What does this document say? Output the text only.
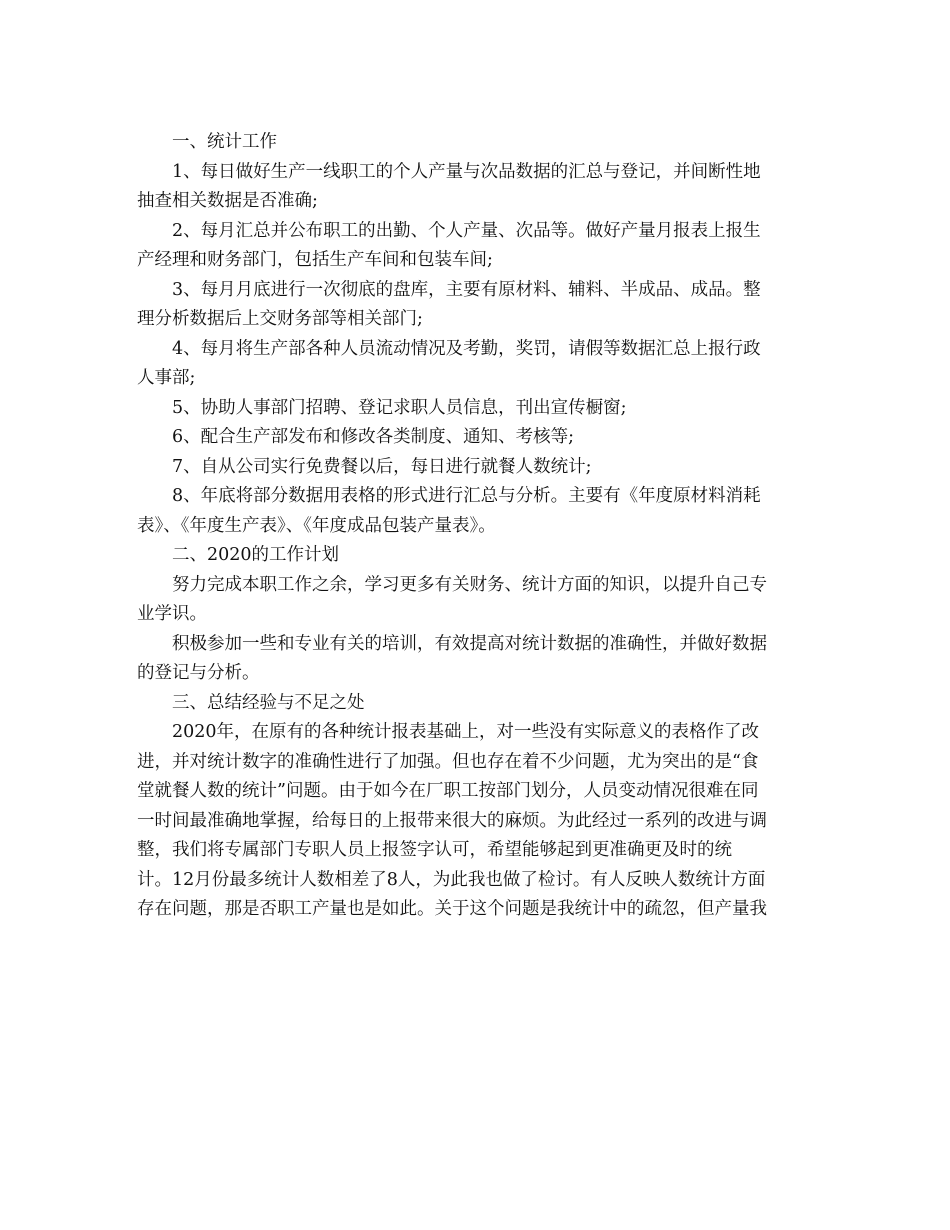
一、统计工作
1、每日做好生产一线职工的个人产量与次品数据的汇总与登记，并间断性地
抽查相关数据是否准确;
2、每月汇总并公布职工的出勤、个人产量、次品等。做好产量月报表上报生
产经理和财务部门，包括生产车间和包装车间;
3、每月月底进行一次彻底的盘库，主要有原材料、辅料、半成品、成品。整
理分析数据后上交财务部等相关部门;
4、每月将生产部各种人员流动情况及考勤，奖罚，请假等数据汇总上报行政
人事部;
5、协助人事部门招聘、登记求职人员信息，刊出宣传橱窗;
6、配合生产部发布和修改各类制度、通知、考核等;
7、自从公司实行免费餐以后，每日进行就餐人数统计;
8、年底将部分数据用表格的形式进行汇总与分析。主要有《年度原材料消耗
表》、《年度生产表》、《年度成品包装产量表》。
二、2020的工作计划
努力完成本职工作之余，学习更多有关财务、统计方面的知识，以提升自己专
业学识。
积极参加一些和专业有关的培训，有效提高对统计数据的准确性，并做好数据
的登记与分析。
三、总结经验与不足之处
2020年，在原有的各种统计报表基础上，对一些没有实际意义的表格作了改
进，并对统计数字的准确性进行了加强。但也存在着不少问题，尤为突出的是“食
堂就餐人数的统计”问题。由于如今在厂职工按部门划分，人员变动情况很难在同
一时间最准确地掌握，给每日的上报带来很大的麻烦。为此经过一系列的改进与调
整，我们将专属部门专职人员上报签字认可，希望能够起到更准确更及时的统
计。12月份最多统计人数相差了8人，为此我也做了检讨。有人反映人数统计方面
存在问题，那是否职工产量也是如此。关于这个问题是我统计中的疏忽，但产量我
